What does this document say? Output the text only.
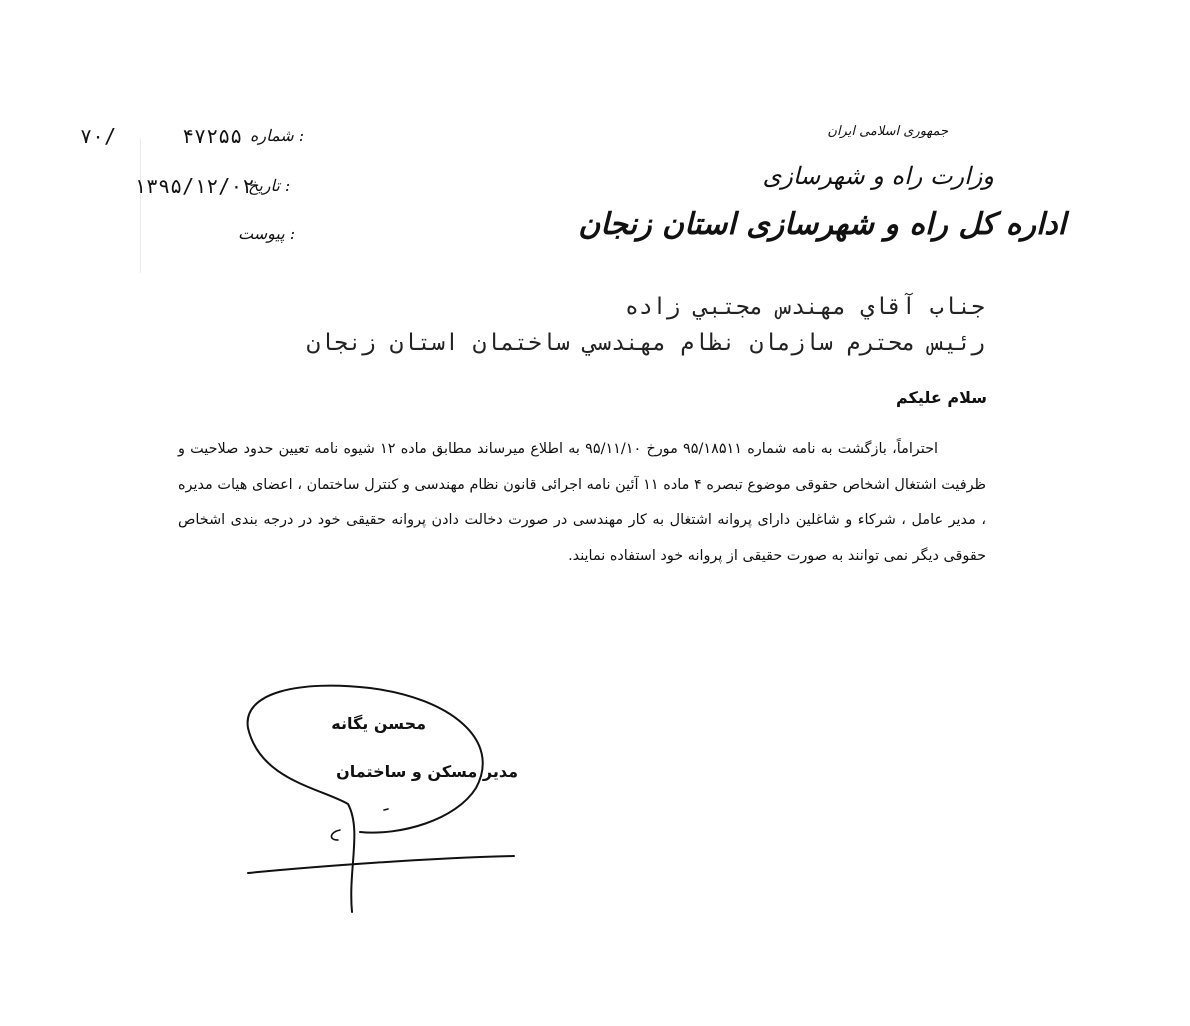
جمهوری اسلامی ایران
وزارت راه و شهرسازی
اداره کل راه و شهرسازی استان زنجان
شماره :
۴۷۲۵۵
۷۰/
تاریخ :
۱۳۹۵/۱۲/۰۲
پیوست :
جناب آقاي مهندس مجتبي زاده
رئيس محترم سازمان نظام مهندسي ساختمان استان زنجان
سلام علیکم

احتراماً، بازگشت به نامه شماره ۹۵/۱۸۵۱۱ مورخ ۹۵/۱۱/۱۰ به اطلاع میرساند مطابق ماده ۱۲ شیوه نامه تعیین حدود صلاحیت و ظرفیت اشتغال اشخاص حقوقی موضوع تبصره ۴ ماده ۱۱ آئین نامه اجرائی قانون نظام مهندسی و کنترل ساختمان ، اعضای هیات مدیره ، مدیر عامل ، شرکاء و شاغلین دارای پروانه اشتغال به کار مهندسی در صورت دخالت دادن پروانه حقیقی خود در درجه بندی اشخاص حقوقی دیگر نمی توانند به صورت حقیقی از پروانه خود استفاده نمایند.

محسن یگانه
مدیر مسکن و ساختمان
